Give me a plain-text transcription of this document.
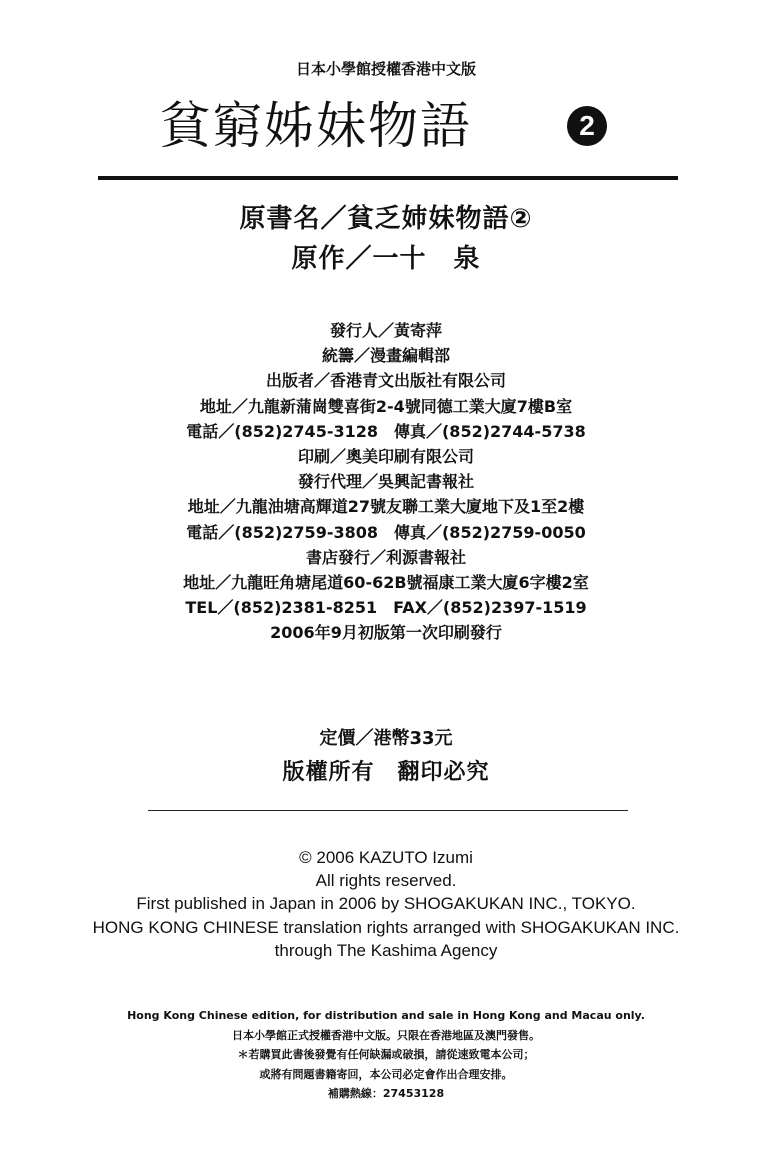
日本小學館授權香港中文版
貧窮姊妹物語	2
原書名／貧乏姉妹物語②
原作／一十　泉
發行人／黃寄萍
統籌／漫畫編輯部
出版者／香港青文出版社有限公司
地址／九龍新蒲崗雙喜街2-4號同德工業大廈7樓B室
電話／(852)2745-3128　傳真／(852)2744-5738
印刷／奧美印刷有限公司
發行代理／吳興記書報社
地址／九龍油塘高輝道27號友聯工業大廈地下及1至2樓
電話／(852)2759-3808　傳真／(852)2759-0050
書店發行／利源書報社
地址／九龍旺角塘尾道60-62B號福康工業大廈6字樓2室
TEL／(852)2381-8251　FAX／(852)2397-1519
2006年9月初版第一次印刷發行
定價／港幣33元
版權所有　翻印必究
© 2006 KAZUTO Izumi
All rights reserved.
First published in Japan in 2006 by SHOGAKUKAN INC., TOKYO.
HONG KONG CHINESE translation rights arranged with SHOGAKUKAN INC.
through The Kashima Agency
Hong Kong Chinese edition, for distribution and sale in Hong Kong and Macau only.
日本小學館正式授權香港中文版。只限在香港地區及澳門發售。
＊若購買此書後發覺有任何缺漏或破損，請從速致電本公司；
或將有問題書籍寄回，本公司必定會作出合理安排。
補購熱線：27453128
